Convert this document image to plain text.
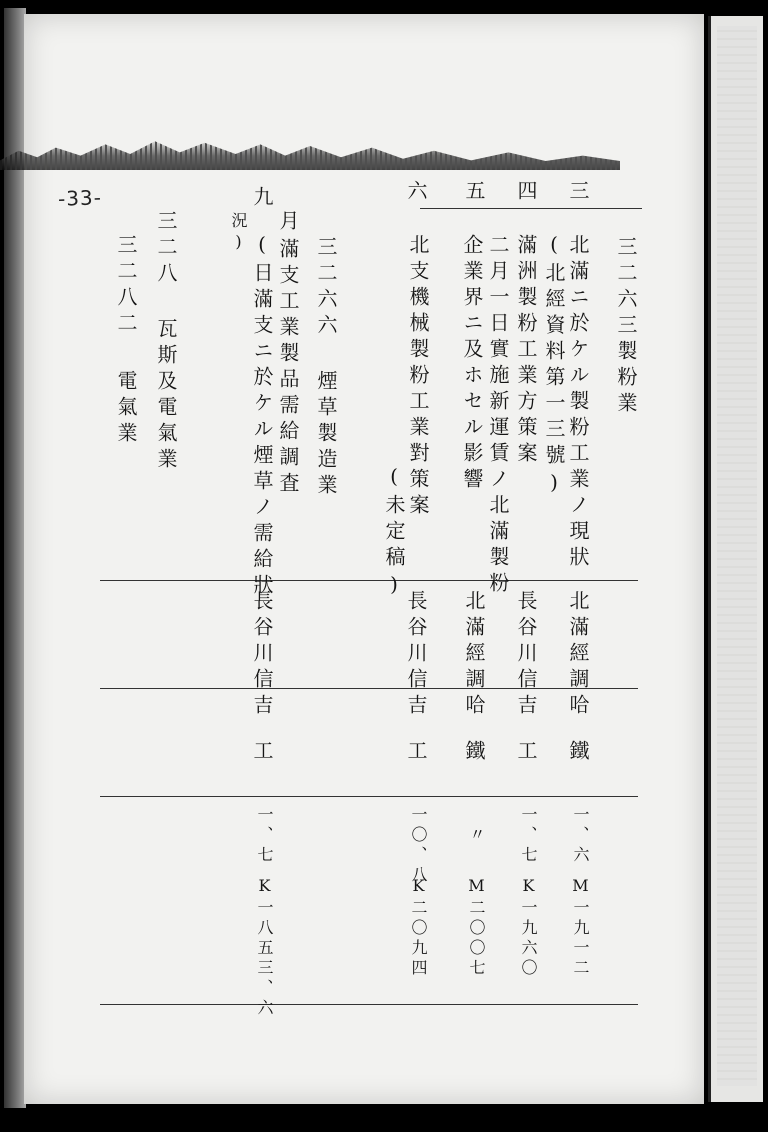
-33-
三二六三
製粉業
三
北滿ニ於ケル製粉工業ノ現狀
(北經資料第一三號)
北滿經調哈
鐵
一、六
M一九一二
四
滿洲製粉工業方策案
長谷川信吉
工
一、七
K一九六〇
五
二月一日實施新運賃ノ北滿製粉
企業界ニ及ホセル影響
北滿經調哈
鐵
〃
M二〇〇七
六
北支機械製粉工業對策案
(未定稿)
長谷川信吉
工
一〇、八
K二〇九四
三二六六
煙草製造業
九
月
滿支工業製品需給調査
(日滿支ニ於ケル煙草ノ需給狀
況)
長谷川信吉
工
一、七
K一八五三、六
三二八
瓦斯及電氣業
三二八二
電氣業
